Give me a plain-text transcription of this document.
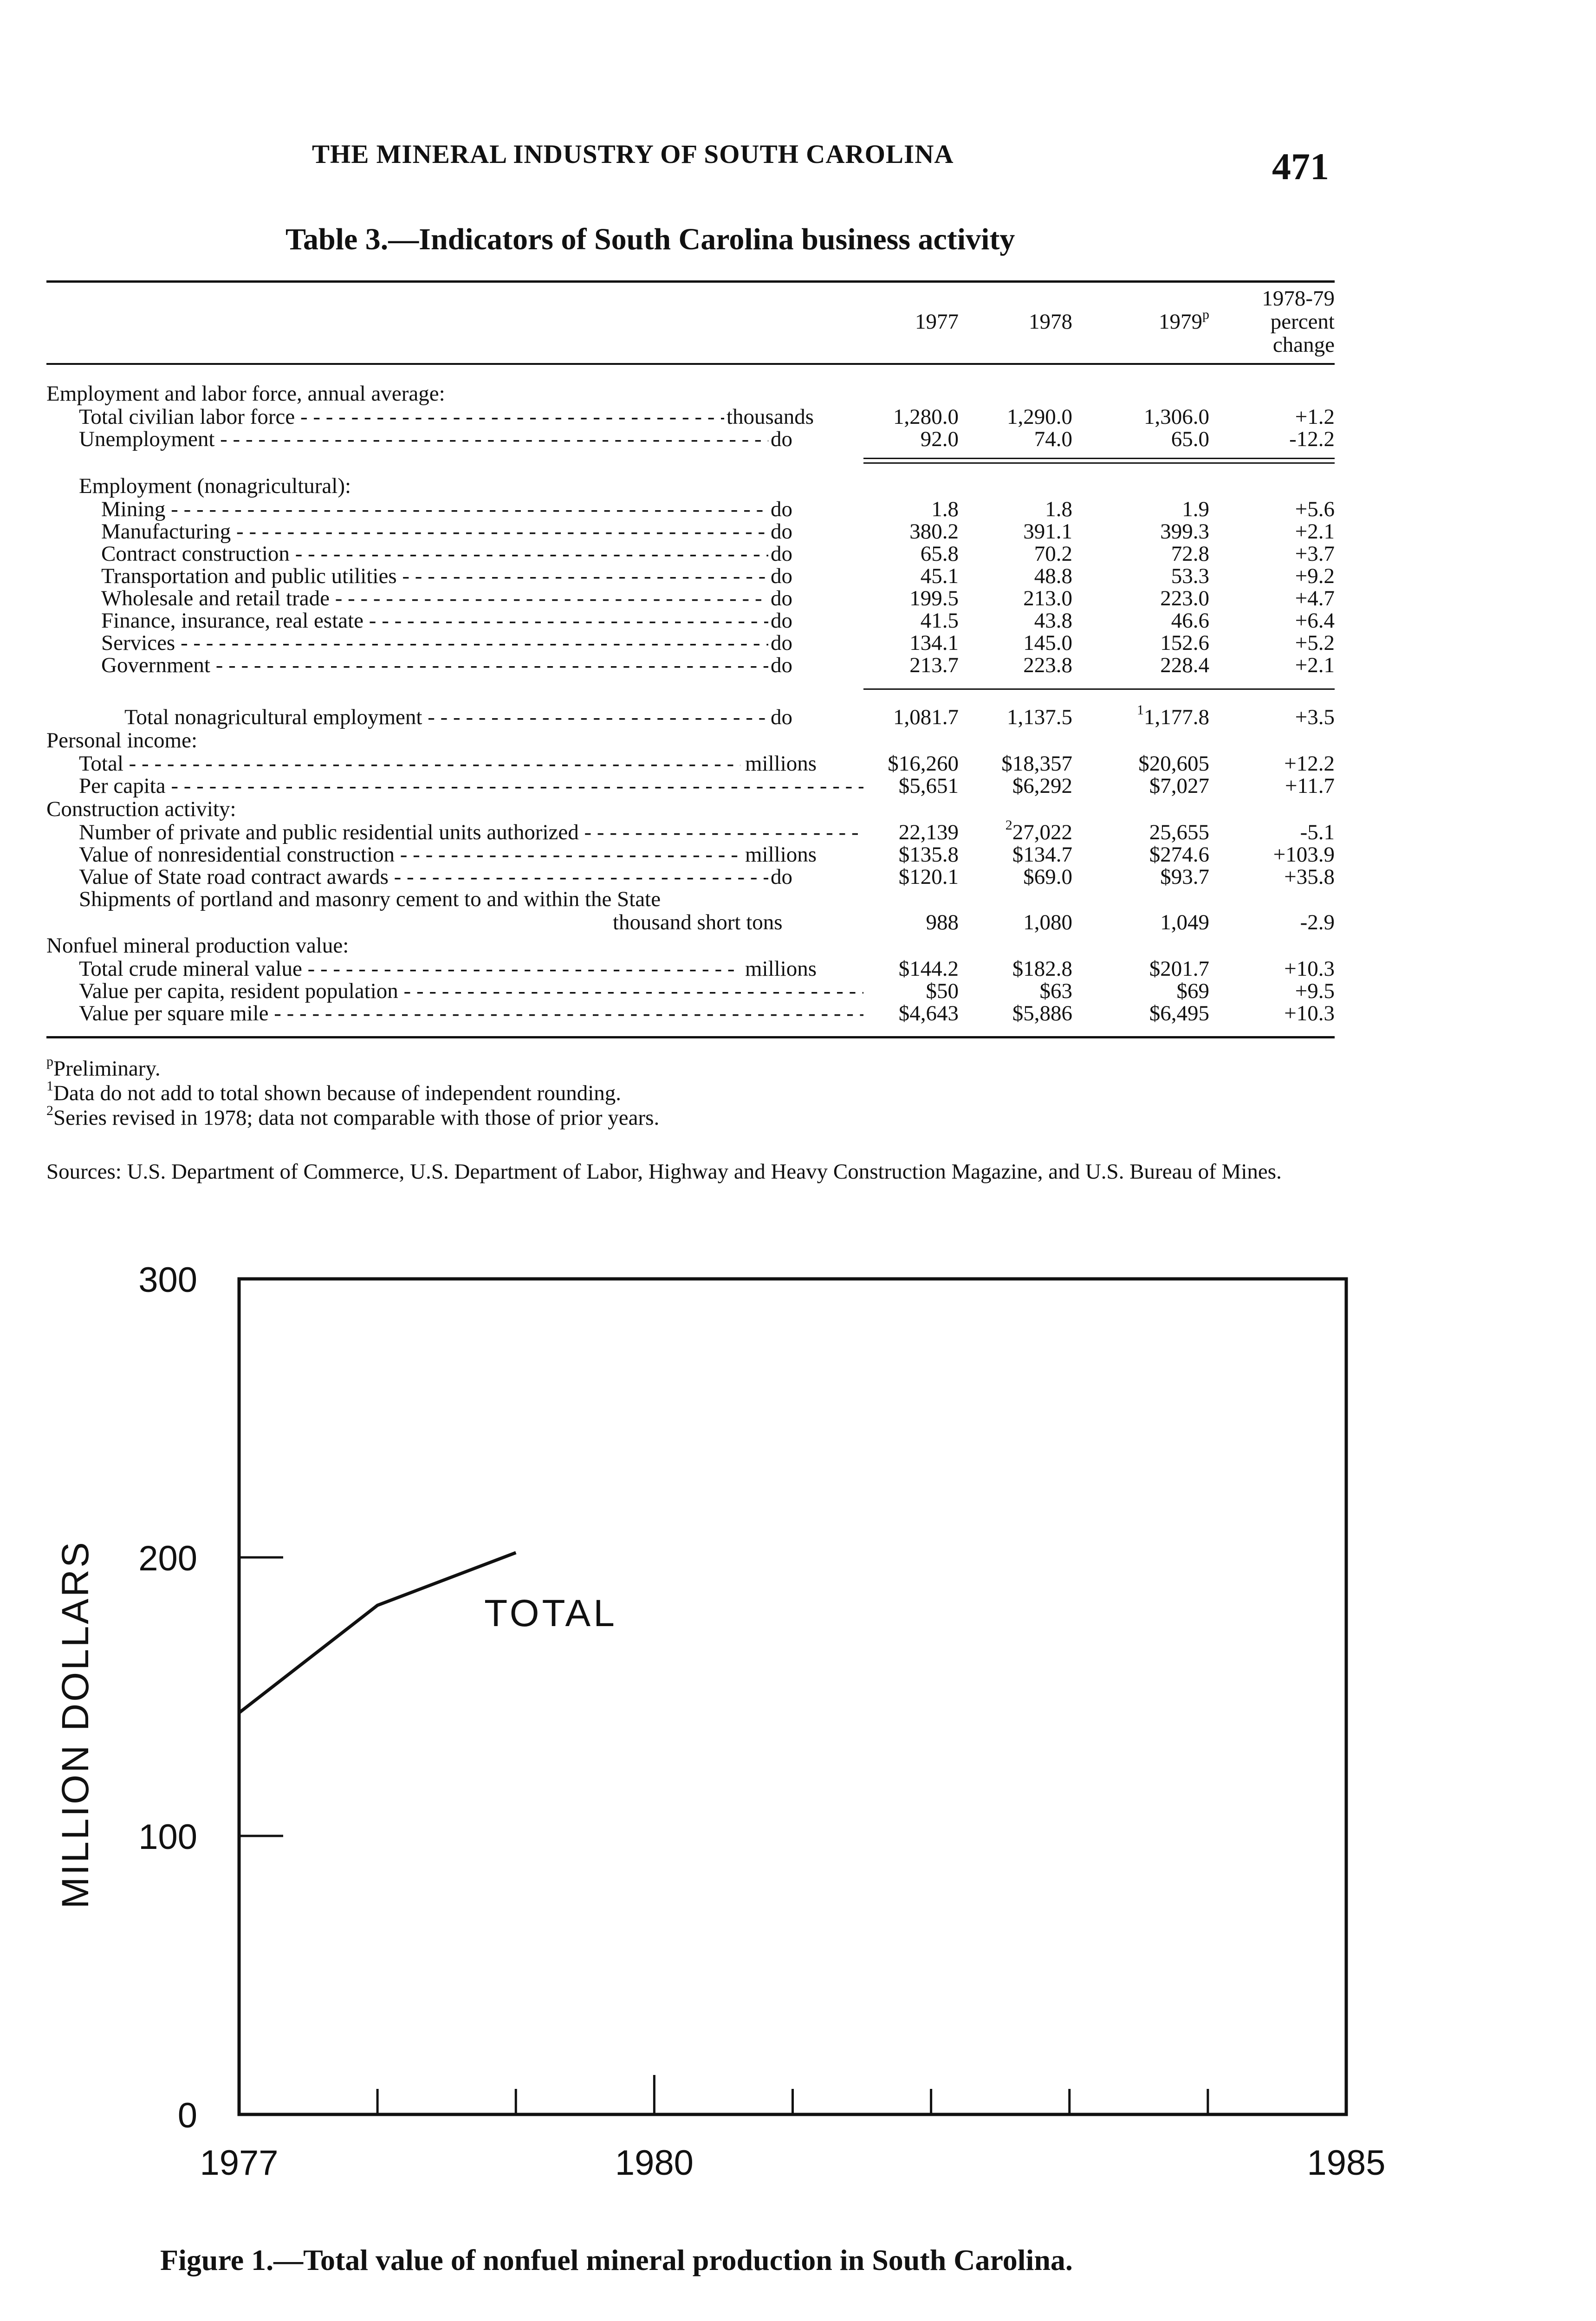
THE MINERAL INDUSTRY OF SOUTH CAROLINA	471
Table 3.—Indicators of South Carolina business activity
1977	1978	1979$^p$
1978-79
percent
change
Employment and labor force, annual average:
Total civilian labor force - - -	thousands	1,280.0	1,290.0	1,306.0	+1.2
Unemployment - - -	do	92.0	74.0	65.0	-12.2
Employment (nonagricultural):
Mining - - -	do	1.8	1.8	1.9	+5.6
Manufacturing - - -	do	380.2	391.1	399.3	+2.1
Contract construction - - -	do	65.8	70.2	72.8	+3.7
Transportation and public utilities - - -	do	45.1	48.8	53.3	+9.2
Wholesale and retail trade - - -	do	199.5	213.0	223.0	+4.7
Finance, insurance, real estate - - -	do	41.5	43.8	46.6	+6.4
Services - - -	do	134.1	145.0	152.6	+5.2
Government - - -	do	213.7	223.8	228.4	+2.1
Total nonagricultural employment - - -	do	1,081.7	1,137.5	$^1$1,177.8	+3.5
Personal income:
Total - - -	millions	$16,260	$18,357	$20,605	+12.2
Per capita - - -	$5,651	$6,292	$7,027	+11.7
Construction activity:
Number of private and public residential units authorized - - -	22,139	$^2$27,022	25,655	-5.1
Value of nonresidential construction - - -	millions	$135.8	$134.7	$274.6	+103.9
Value of State road contract awards - - -	do	$120.1	$69.0	$93.7	+35.8
Shipments of portland and masonry cement to and within the State
thousand short tons	988	1,080	1,049	-2.9
Nonfuel mineral production value:
Total crude mineral value - - -	millions	$144.2	$182.8	$201.7	+10.3
Value per capita, resident population - - -	$50	$63	$69	+9.5
Value per square mile - - -	$4,643	$5,886	$6,495	+10.3
$^p$Preliminary.
$^1$Data do not add to total shown because of independent rounding.
$^2$Series revised in 1978; data not comparable with those of prior years.
Sources: U.S. Department of Commerce, U.S. Department of Labor, Highway and Heavy Construction Magazine, and U.S. Bureau of Mines.
0
100
200
300
1977	1980	1985
MILLION DOLLARS	TOTAL
Figure 1.—Total value of nonfuel mineral production in South Carolina.
